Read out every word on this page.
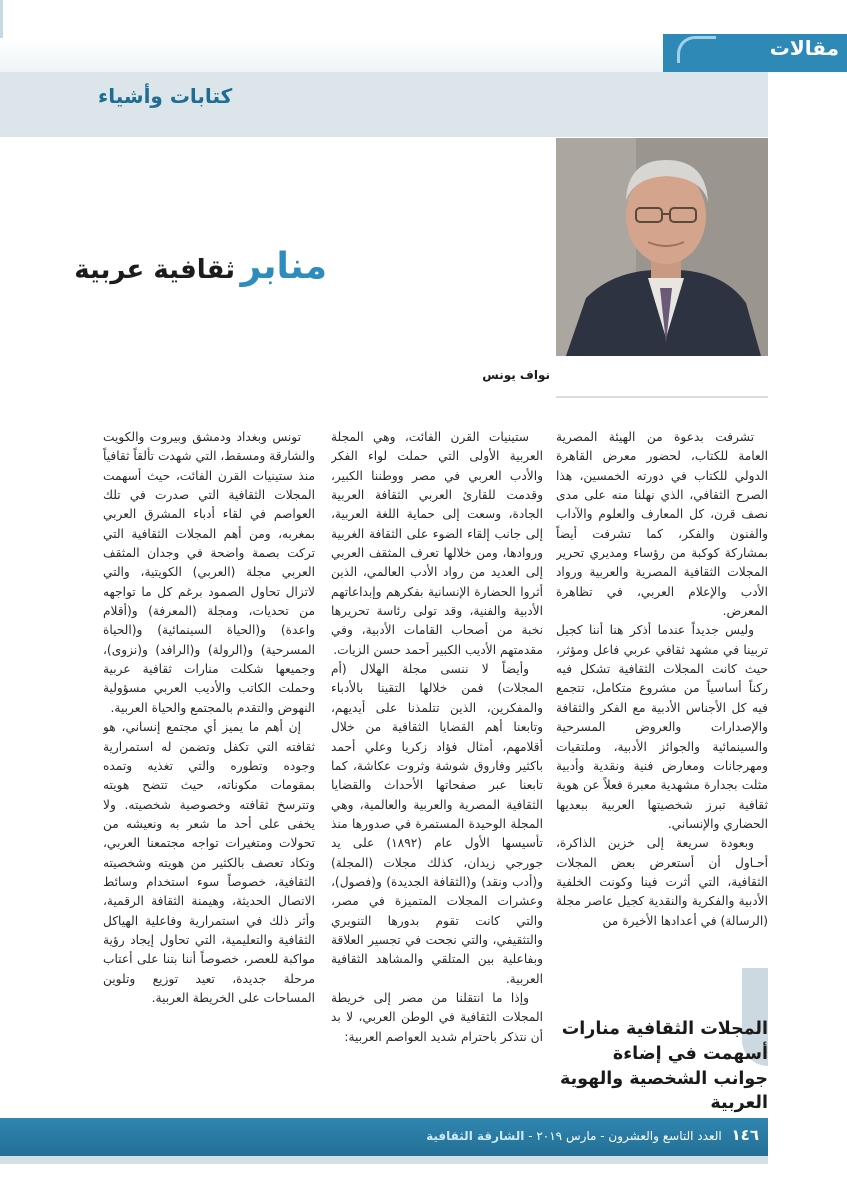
مقالات
كتابات وأشياء
نواف يونس
منابر ثقافية عربية

تشرفت بدعوة من الهيئة المصرية العامة للكتاب، لحضور معرض القاهرة الدولي للكتاب في دورته الخمسين، هذا الصرح الثقافي، الذي نهلنا منه على مدى نصف قرن، كل المعارف والعلوم والآداب والفنون والفكر، كما تشرفت أيضاً بمشاركة كوكبة من رؤساء ومديري تحرير المجلات الثقافية المصرية والعربية ورواد الأدب والإعلام العربي، في تظاهرة المعرض.

وليس جديداً عندما أذكر هنا أننا كجيل تربينا في مشهد ثقافي عربي فاعل ومؤثر، حيث كانت المجلات الثقافية تشكل فيه ركناً أساسياً من مشروع متكامل، تتجمع فيه كل الأجناس الأدبية مع الفكر والثقافة والإصدارات والعروض المسرحية والسينمائية والجوائز الأدبية، وملتقيات ومهرجانات ومعارض فنية ونقدية وأدبية مثلت بجدارة مشهدية معبرة فعلاً عن هوية ثقافية تبرز شخصيتها العربية ببعديها الحضاري والإنساني.

وبعودة سريعة إلى خزين الذاكرة، أحـاول أن أستعرض بعض المجلات الثقافية، التي أثرت فينا وكونت الخلفية الأدبية والفكرية والنقدية كجيل عاصر مجلة (الرسالة) في أعدادها الأخيرة من

ستينيات القرن الفائت، وهي المجلة العربية الأولى التي حملت لواء الفكر والأدب العربي في مصر ووطننا الكبير، وقدمت للقارئ العربي الثقافة العربية الجادة، وسعت إلى حماية اللغة العربية، إلى جانب إلقاء الضوء على الثقافة الغربية وروادها، ومن خلالها تعرف المثقف العربي إلى العديد من رواد الأدب العالمي، الذين أثروا الحضارة الإنسانية بفكرهم وإبداعاتهم الأدبية والفنية، وقد تولى رئاسة تحريرها نخبة من أصحاب القامات الأدبية، وفي مقدمتهم الأديب الكبير أحمد حسن الزيات.

وأيضاً لا ننسى مجلة الهلال (أم المجلات) فمن خلالها التقينا بالأدباء والمفكرين، الذين تتلمذنا على أيديهم، وتابعنا أهم القضايا الثقافية من خلال أقلامهم، أمثال فؤاد زكريا وعلي أحمد باكثير وفاروق شوشة وثروت عكاشة، كما تابعنا عبر صفحاتها الأحداث والقضايا الثقافية المصرية والعربية والعالمية، وهي المجلة الوحيدة المستمرة في صدورها منذ تأسيسها الأول عام (١٨٩٢) على يد جورجي زيدان، كذلك مجلات (المجلة) و(أدب ونقد) و(الثقافة الجديدة) و(فصول)، وعشرات المجلات المتميزة في مصر، والتي كانت تقوم بدورها التنويري والتثقيفي، والتي نجحت في تجسير العلاقة وبفاعلية بين المتلقي والمشاهد الثقافية العربية.

وإذا ما انتقلنا من مصر إلى خريطة المجلات الثقافية في الوطن العربي، لا بد أن نتذكر باحترام شديد العواصم العربية:

تونس وبغداد ودمشق وبيروت والكويت والشارقة ومسقط، التي شهدت تألقاً ثقافياً منذ ستينيات القرن الفائت، حيث أسهمت المجلات الثقافية التي صدرت في تلك العواصم في لقاء أدباء المشرق العربي بمغربه، ومن أهم المجلات الثقافية التي تركت بصمة واضحة في وجدان المثقف العربي مجلة (العربي) الكويتية، والتي لاتزال تحاول الصمود برغم كل ما تواجهه من تحديات، ومجلة (المعرفة) و(أقلام واعدة) و(الحياة السينمائية) و(الحياة المسرحية) و(الرولة) و(الرافد) و(نزوى)، وجميعها شكلت منارات ثقافية عربية وحملت الكاتب والأديب العربي مسؤولية النهوض والتقدم بالمجتمع والحياة العربية.

إن أهم ما يميز أي مجتمع إنساني، هو ثقافته التي تكفل وتضمن له استمرارية وجوده وتطوره والتي تغذيه وتمده بمقومات مكوناته، حيث تتضح هويته وتترسخ ثقافته وخصوصية شخصيته. ولا يخفى على أحد ما شعر به ونعيشه من تحولات ومتغيرات تواجه مجتمعنا العربي، وتكاد تعصف بالكثير من هويته وشخصيته الثقافية، خصوصاً سوء استخدام وسائط الاتصال الحديثة، وهيمنة الثقافة الرقمية، وأثر ذلك في استمرارية وفاعلية الهياكل الثقافية والتعليمية، التي تحاول إيجاد رؤية مواكبة للعصر، خصوصاً أننا بتنا على أعتاب مرحلة جديدة، تعيد توزيع وتلوين المساحات على الخريطة العربية.

المجلات الثقافية منارات أسهمت في إضاءة جوانب الشخصية والهوية العربية
١٤٦ العدد التاسع والعشرون - مارس ٢٠١٩ - الشارقة الثقافية
